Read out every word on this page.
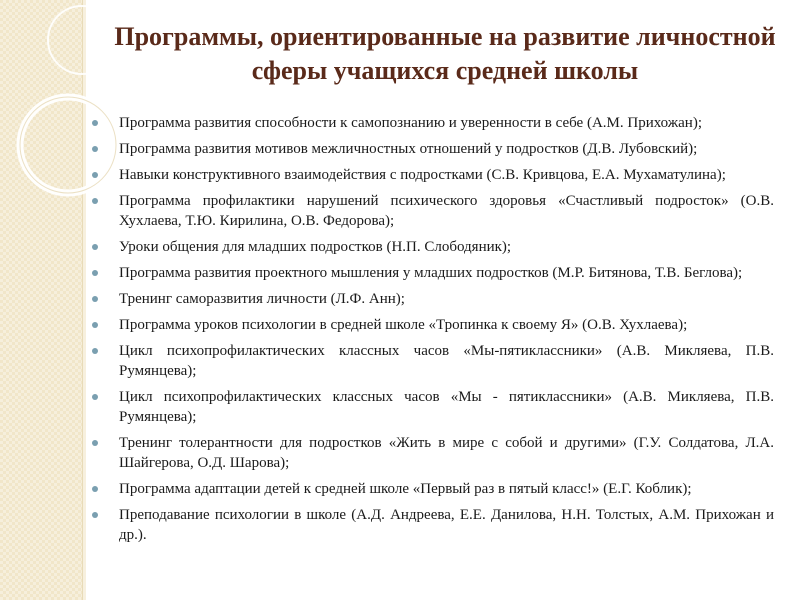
Программы, ориентированные на развитие личностной
сферы учащихся средней школы
Программа развития способности к самопознанию и уверенности в себе (А.М. Прихожан);
Программа развития мотивов межличностных отношений у подростков (Д.В. Лубовский);
Навыки конструктивного взаимодействия с подростками (С.В. Кривцова, Е.А. Мухаматулина);
Программа профилактики нарушений психического здоровья «Счастливый подросток» (О.В. Хухлаева, Т.Ю. Кирилина, О.В. Федорова);
Уроки общения для младших подростков (Н.П. Слободяник);
Программа развития проектного мышления у младших подростков (М.Р. Битянова, Т.В. Беглова);
Тренинг саморазвития личности (Л.Ф. Анн);
Программа уроков психологии в средней школе «Тропинка к своему Я» (О.В. Хухлаева);
Цикл психопрофилактических классных часов «Мы-пятиклассники» (А.В. Микляева, П.В. Румянцева);
Цикл психопрофилактических классных часов «Мы - пятиклассники» (А.В. Микляева, П.В. Румянцева);
Тренинг толерантности для подростков «Жить в мире с собой и другими» (Г.У. Солдатова, Л.А. Шайгерова, О.Д. Шарова);
Программа адаптации детей к средней школе «Первый раз в пятый класс!» (Е.Г. Коблик);
Преподавание психологии в школе (А.Д. Андреева, Е.Е. Данилова, Н.Н. Толстых, А.М. Прихожан и др.).
